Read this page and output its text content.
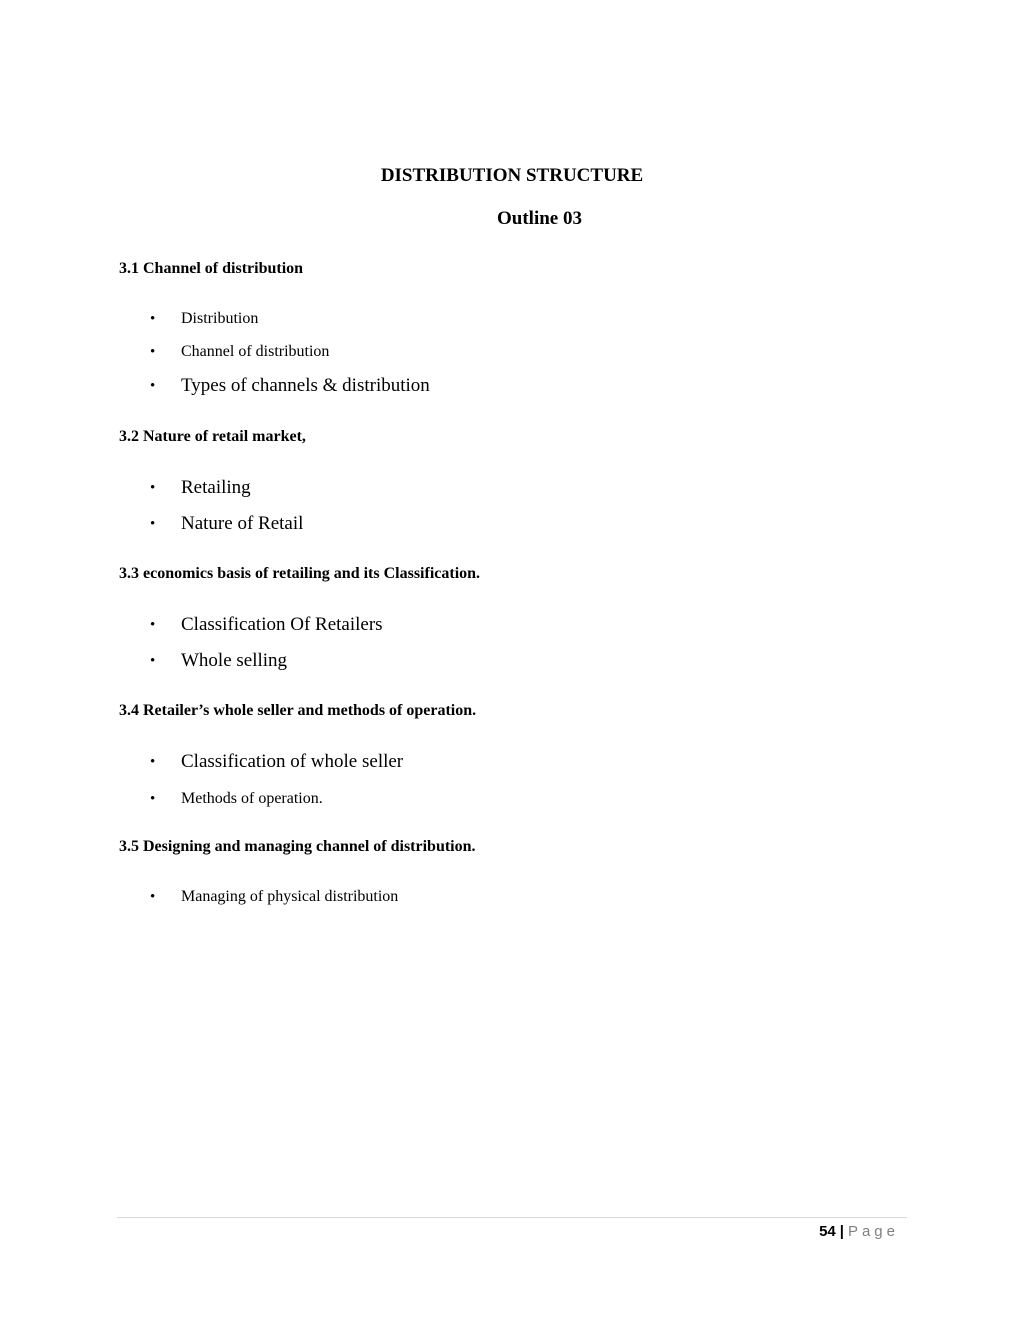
DISTRIBUTION STRUCTURE
Outline 03
3.1 Channel of distribution
• Distribution
• Channel of distribution
• Types of channels & distribution
3.2 Nature of retail market,
• Retailing
• Nature of Retail
3.3 economics basis of retailing and its Classification.
• Classification Of Retailers
• Whole selling
3.4 Retailer’s whole seller and methods of operation.
• Classification of whole seller
• Methods of operation.
3.5 Designing and managing channel of distribution.
• Managing of physical distribution
54 | Page
